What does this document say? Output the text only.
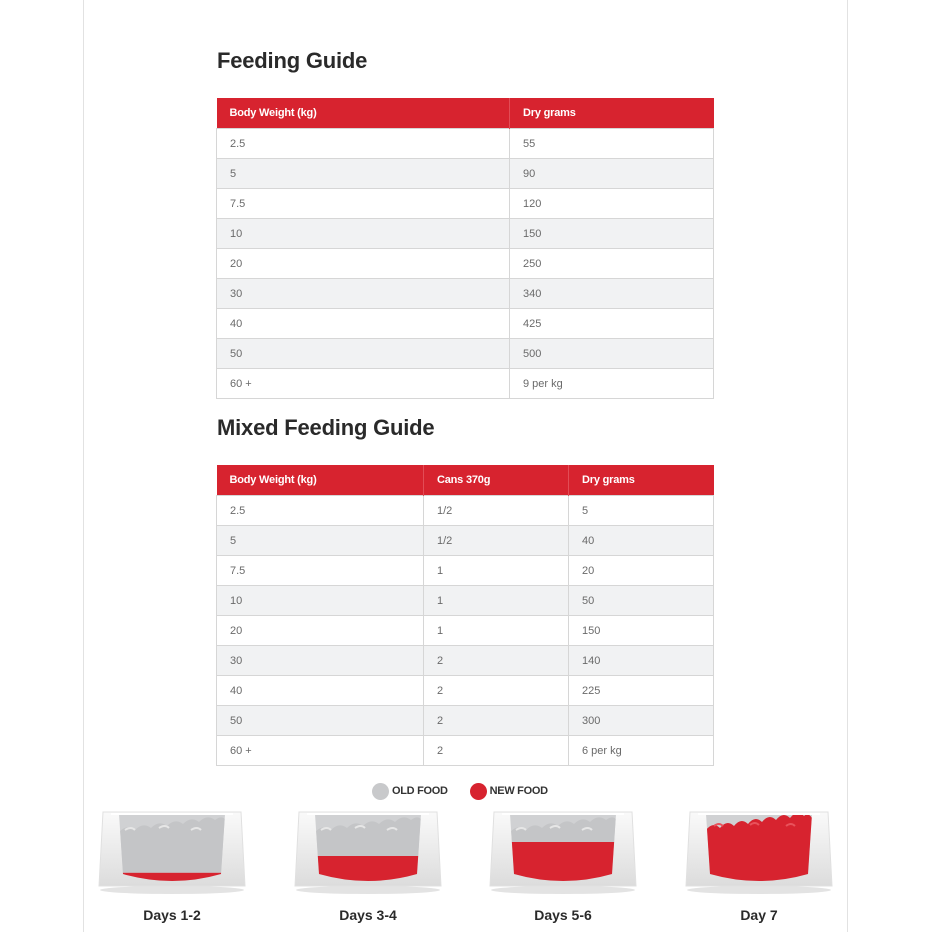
Feeding Guide
Body Weight (kg)	Dry grams
2.5	55
5	90
7.5	120
10	150
20	250
30	340
40	425
50	500
60 +	9 per kg
Mixed Feeding Guide
Body Weight (kg)	Cans 370g	Dry grams
2.5	1/2	5
5	1/2	40
7.5	1	20
10	1	50
20	1	150
30	2	140
40	2	225
50	2	300
60 +	2	6 per kg
OLD FOOD	NEW FOOD
Days 1-2	Days 3-4	Days 5-6	Day 7
